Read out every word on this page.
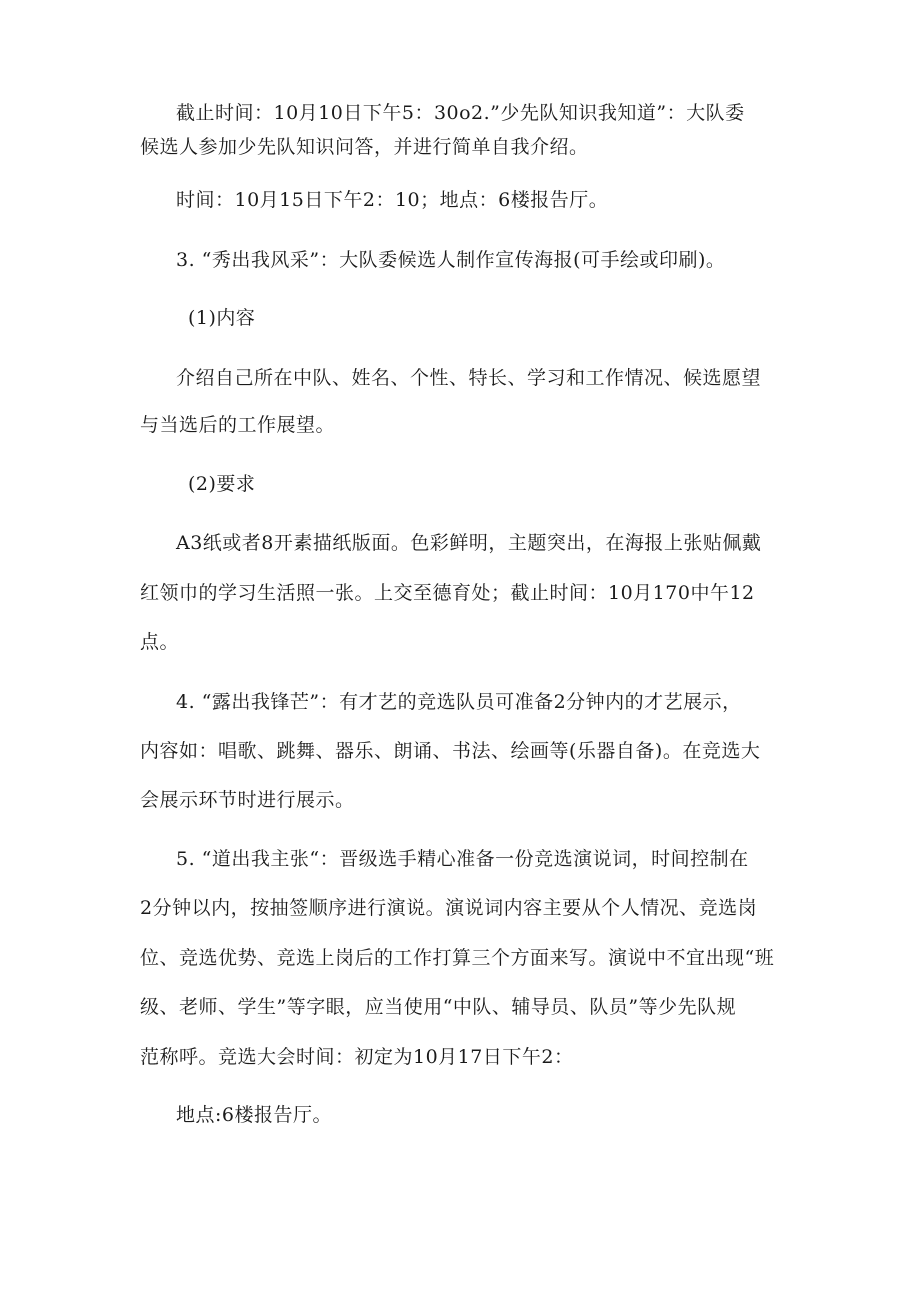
截止时间：10月10日下午5：30o2.”少先队知识我知道”：大队委
候选人参加少先队知识问答，并进行简单自我介绍。
时间：10月15日下午2：10；地点：6楼报告厅。
3. “秀出我风采”：大队委候选人制作宣传海报(可手绘或印刷)。
(1)内容
介绍自己所在中队、姓名、个性、特长、学习和工作情况、候选愿望
与当选后的工作展望。
(2)要求
A3纸或者8开素描纸版面。色彩鲜明，主题突出，在海报上张贴佩戴
红领巾的学习生活照一张。上交至德育处；截止时间：10月170中午12
点。
4. “露出我锋芒”：有才艺的竞选队员可准备2分钟内的才艺展示，
内容如：唱歌、跳舞、器乐、朗诵、书法、绘画等(乐器自备)。在竞选大
会展示环节时进行展示。
5. “道出我主张“：晋级选手精心准备一份竞选演说词，时间控制在
2分钟以内，按抽签顺序进行演说。演说词内容主要从个人情况、竞选岗
位、竞选优势、竞选上岗后的工作打算三个方面来写。演说中不宜出现“班
级、老师、学生”等字眼，应当使用“中队、辅导员、队员”等少先队规
范称呼。竞选大会时间：初定为10月17日下午2：
地点:6楼报告厅。
